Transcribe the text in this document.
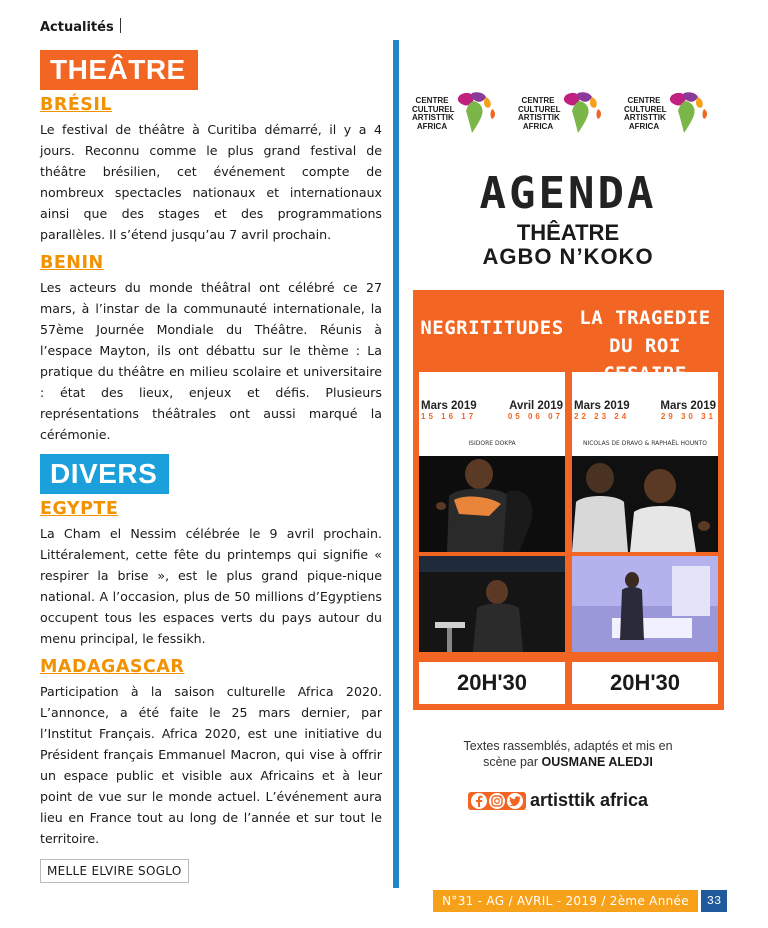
Actualités
THEÂTRE
BRÉSIL
Le festival de théâtre à Curitiba démarré, il y a 4 jours. Reconnu comme le plus grand festival de théâtre brésilien, cet événement compte de nombreux spectacles nationaux et internationaux ainsi que des stages et des programmations parallèles. Il s’étend jusqu’au 7 avril prochain.
BENIN
Les acteurs du monde théâtral ont célébré ce 27 mars, à l’instar de la communauté internationale, la 57ème Journée Mondiale du Théâtre. Réunis à l’espace Mayton, ils ont débattu sur le thème : La pratique du théâtre en milieu scolaire et universitaire : état des lieux, enjeux et défis. Plusieurs représentations théâtrales ont aussi marqué la cérémonie.
DIVERS
EGYPTE
La Cham el Nessim célébrée le 9 avril prochain. Littéralement, cette fête du printemps qui signifie « respirer la brise », est le plus grand pique-nique national. A l’occasion, plus de 50 millions d’Egyptiens occupent tous les espaces verts du pays autour du menu principal, le fessikh.
MADAGASCAR
Participation à la saison culturelle Africa 2020. L’annonce, a été faite le 25 mars dernier, par l’Institut Français. Africa 2020, est une initiative du Président français Emmanuel Macron, qui vise à offrir un espace public et visible aux Africains et à leur point de vue sur le monde actuel. L’événement aura lieu en France tout au long de l’année et sur tout le territoire.
MELLE ELVIRE SOGLO
CENTRE
CULTUREL
ARTISTTIK
AFRICA
CENTRE
CULTUREL
ARTISTTIK
AFRICA
CENTRE
CULTUREL
ARTISTTIK
AFRICA
AGENDA
THÊATRE
AGBO N’KOKO
NEGRITITUDES
Mars 2019	Avril 2019
15 16 17	05 06 07
ISIDORE DOKPA
20H'30
LA TRAGEDIE DU ROI
Mars 2019	Mars 2019
22 23 24	29 30 31
NICOLAS DE DRAVO & RAPHAËL HOUNTO
20H'30
Textes rassemblés, adaptés et mis en
scène par OUSMANE ALEDJI
artisttik africa
N°31 - AG / AVRIL - 2019 / 2ème Année	33
